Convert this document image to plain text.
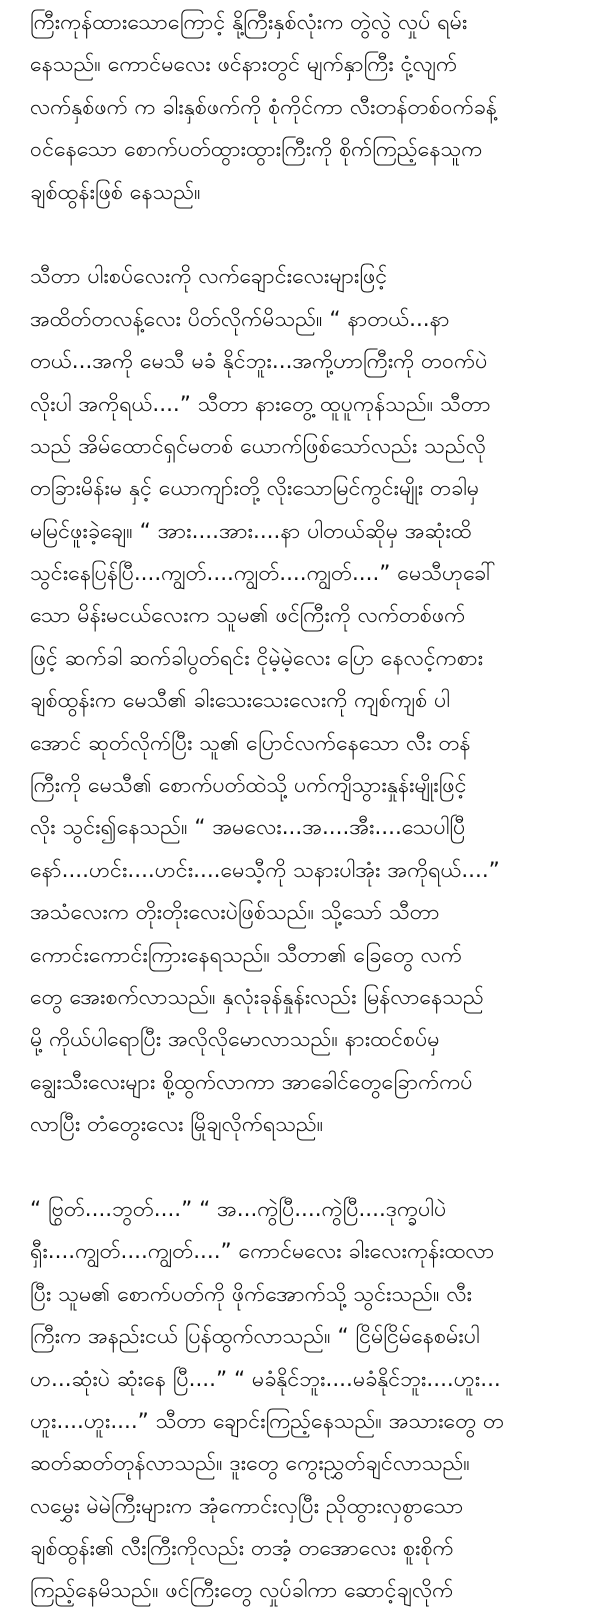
ကြီးကုန်ထားသောကြောင့် နို့ကြီးနှစ်လုံးက တွဲလွဲ လှုပ် ရမ်း
နေသည်။ ကောင်မလေး ဖင်နားတွင် မျက်နှာကြီး ငုံ့လျက်
လက်နှစ်ဖက် က ခါးနှစ်ဖက်ကို စုံကိုင်ကာ လီးတန်တစ်ဝက်ခန့်
ဝင်နေသော စောက်ပတ်ထွားထွားကြီးကို စိုက်ကြည့်နေသူက
ချစ်ထွန်းဖြစ် နေသည်။
သီတာ ပါးစပ်လေးကို လက်ချောင်းလေးများဖြင့်
အထိတ်တလန့်လေး ပိတ်လိုက်မိသည်။ “ နာတယ်...နာ
တယ်...အကို မေသီ မခံ နိုင်ဘူး...အကို့ဟာကြီးကို တဝက်ပဲ
လိုးပါ အကိုရယ်....” သီတာ နားတွေ့ ထူပူကုန်သည်။ သီတာ
သည် အိမ်ထောင်ရှင်မတစ် ယောက်ဖြစ်သော်လည်း သည်လို
တခြားမိန်းမ နှင့် ယောကျာ်းတို့ လိုးသောမြင်ကွင်းမျိုး တခါမှ
မမြင်ဖူးခဲ့ချေ။ “ အား....အား....နာ ပါတယ်ဆိုမှ အဆုံးထိ
သွင်းနေပြန်ပြီ....ကျွတ်....ကျွတ်....ကျွတ်....” မေသီဟုခေါ်
သော မိန်းမငယ်လေးက သူမ၏ ဖင်ကြီးကို လက်တစ်ဖက်
ဖြင့် ဆက်ခါ ဆက်ခါပွတ်ရင်း ငိုမဲ့မဲ့လေး ပြော နေလင့်ကစား
ချစ်ထွန်းက မေသီ၏ ခါးသေးသေးလေးကို ကျစ်ကျစ် ပါ
အောင် ဆုတ်လိုက်ပြီး သူ၏ ပြောင်လက်နေသော လီး တန်
ကြီးကို မေသီ၏ စောက်ပတ်ထဲသို့ ပက်ကျိသွားနှုန်းမျိုးဖြင့်
လိုး သွင်း၍နေသည်။ “ အမလေး...အ....အီး....သေပါပြီ
နော်....ဟင်း....ဟင်း....မေသီ့ကို သနားပါအုံး အကိုရယ်....”
အသံလေးက တိုးတိုးလေးပဲဖြစ်သည်။ သို့သော် သီတာ
ကောင်းကောင်းကြားနေရသည်။ သီတာ၏ ခြေတွေ လက်
တွေ အေးစက်လာသည်။ နှလုံးခုန်နှုန်းလည်း မြန်လာနေသည်
မို့ ကိုယ်ပါရောပြီး အလိုလိုမောလာသည်။ နားထင်စပ်မှ
ချွေးသီးလေးများ စို့ထွက်လာကာ အာခေါင်တွေခြောက်ကပ်
လာပြီး တံတွေးလေး မြိုချလိုက်ရသည်။
“ ဗြွတ်....ဘွတ်....” “ အ...ကွဲပြီ....ကွဲပြီ....ဒုက္ခပါပဲ
ရှီး....ကျွတ်....ကျွတ်....” ကောင်မလေး ခါးလေးကုန်းထလာ
ပြီး သူမ၏ စောက်ပတ်ကို ဖိုက်အောက်သို့ သွင်းသည်။ လီး
ကြီးက အနည်းငယ် ပြန်ထွက်လာသည်။ “ ငြိမ်ငြိမ်နေစမ်းပါ
ဟ...ဆုံးပဲ ဆုံးနေ ပြီ....” “ မခံနိုင်ဘူး....မခံနိုင်ဘူး....ဟူး...
ဟူး....ဟူး....” သီတာ ချောင်းကြည့်နေသည်။ အသားတွေ တ
ဆတ်ဆတ်တုန်လာသည်။ ဒူးတွေ ကွေးညွှတ်ချင်လာသည်။
လမွှေး မဲမဲကြီးများက အုံကောင်းလှပြီး ညိုထွားလှစွာသော
ချစ်ထွန်း၏ လီးကြီးကိုလည်း တအံ့ တအောလေး စူးစိုက်
ကြည့်နေမိသည်။ ဖင်ကြီးတွေ လှုပ်ခါကာ ဆောင့်ချလိုက်
